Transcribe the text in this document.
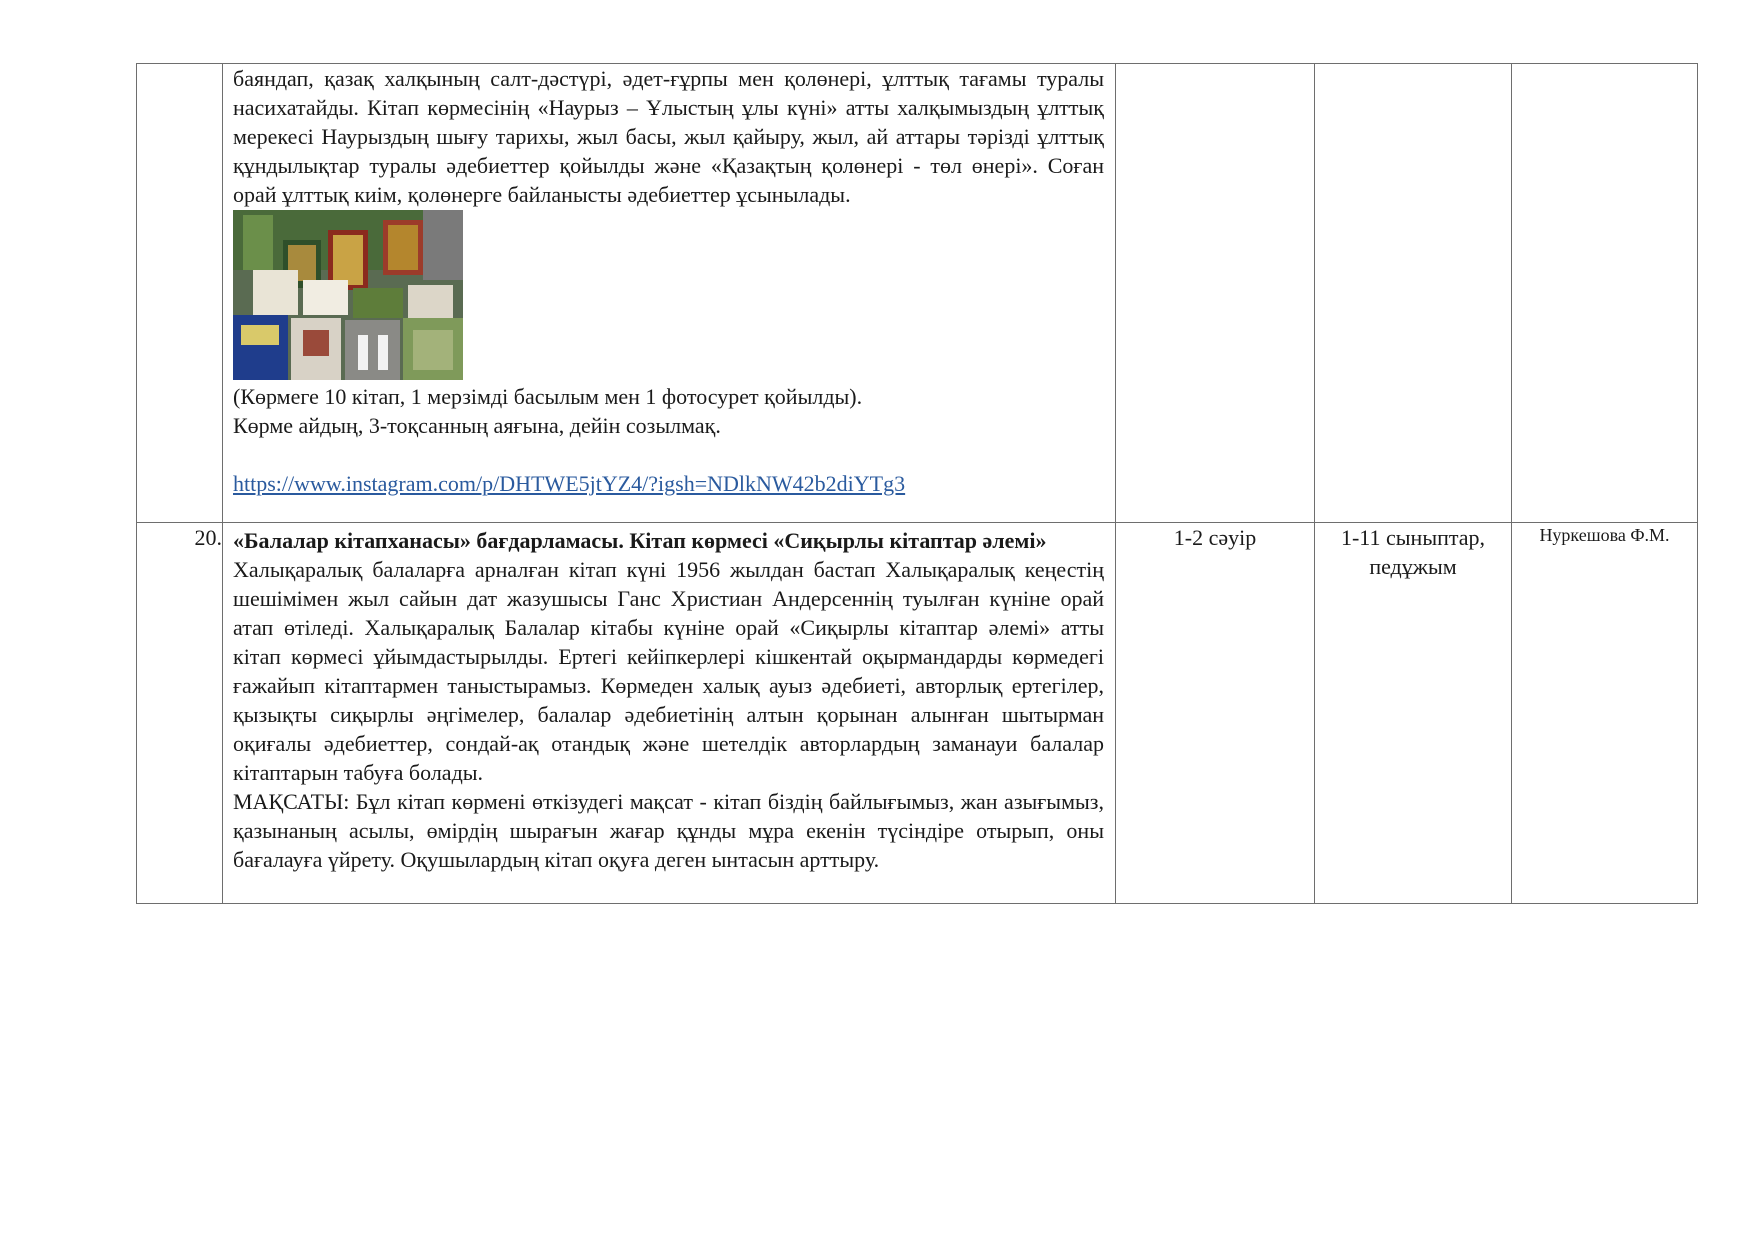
	баяндап, қазақ халқының салт-дәстүрі, әдет-ғұрпы мен қолөнері, ұлттық тағамы туралы насихатайды. Кітап көрмесінің «Наурыз – Ұлыстың ұлы күні» атты халқымыздың ұлттық мерекесі Наурыздың шығу тарихы, жыл басы, жыл қайыру, жыл, ай аттары тәрізді ұлттық құндылықтар туралы әдебиеттер қойылды және «Қазақтың қолөнері - төл өнері». Соған орай ұлттық киім, қолөнерге байланысты әдебиеттер ұсынылады.

(Көрмеге 10 кітап, 1 мерзімді басылым мен 1 фотосурет қойылды).

Көрме айдың, 3-тоқсанның аяғына, дейін созылмақ.

https://www.instagram.com/p/DHTWE5jtYZ4/?igsh=NDlkNW42b2diYTg3			

20.	«Балалар кітапханасы» бағдарламасы. Кітап көрмесі «Сиқырлы кітаптар әлемі»

Халықаралық балаларға арналған кітап күні 1956 жылдан бастап Халықаралық кеңестің шешімімен жыл сайын дат жазушысы Ганс Христиан Андерсеннің туылған күніне орай атап өтіледі. Халықаралық Балалар кітабы күніне орай «Сиқырлы кітаптар әлемі» атты кітап көрмесі ұйымдастырылды. Ертегі кейіпкерлері кішкентай оқырмандарды көрмедегі ғажайып кітаптармен таныстырамыз. Көрмеден халық ауыз әдебиеті, авторлық ертегілер, қызықты сиқырлы әңгімелер, балалар әдебиетінің алтын қорынан алынған шытырман оқиғалы әдебиеттер, сондай-ақ отандық және шетелдік авторлардың заманауи балалар кітаптарын табуға болады.

МАҚСАТЫ: Бұл кітап көрмені өткізудегі мақсат - кітап біздің байлығымыз, жан азығымыз, қазынаның асылы, өмірдің шырағын жағар құнды мұра екенін түсіндіре отырып, оны бағалауға үйрету. Оқушылардың кітап оқуға деген ынтасын арттыру.	1-2 сәуір	1-11 сыныптар, педұжым	Нуркешова Ф.М.
